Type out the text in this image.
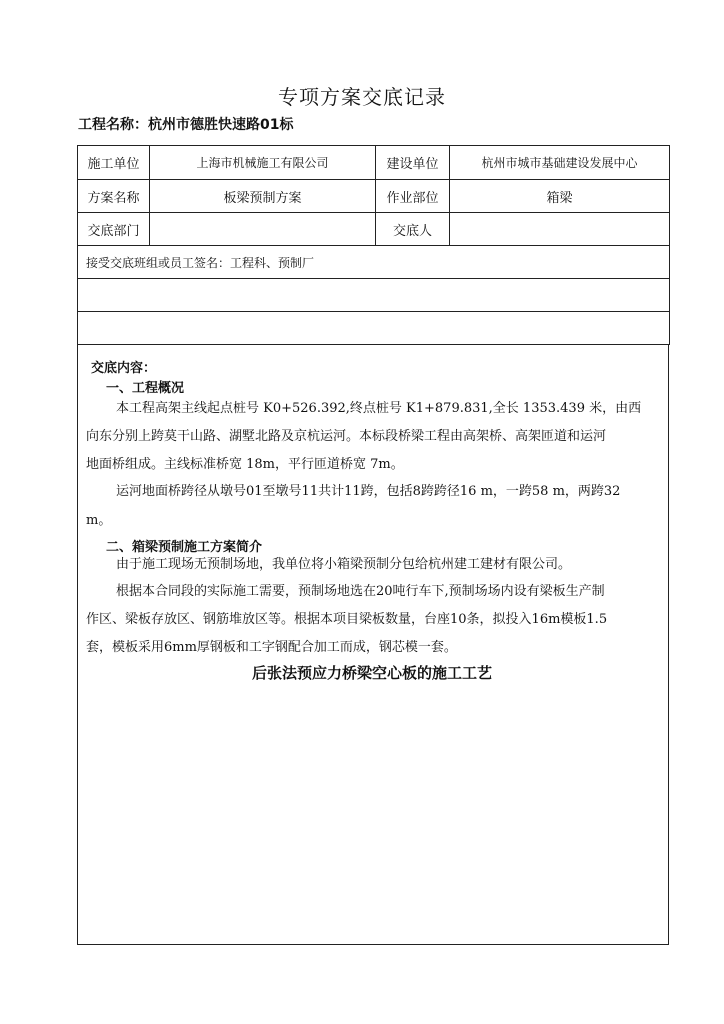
专项方案交底记录
工程名称：杭州市德胜快速路01标
施工单位	上海市机械施工有限公司	建设单位	杭州市城市基础建设发展中心
方案名称	板梁预制方案	作业部位	箱梁
交底部门		交底人	
接受交底班组或员工签名：工程科、预制厂			

交底内容：
一、工程概况
本工程高架主线起点桩号 K0+526.392,终点桩号 K1+879.831,全长 1353.439 米，由西
向东分别上跨莫干山路、湖墅北路及京杭运河。本标段桥梁工程由高架桥、高架匝道和运河
地面桥组成。主线标准桥宽 18m，平行匝道桥宽 7m。
运河地面桥跨径从墩号01至墩号11共计11跨，包括8跨跨径16 m，一跨58 m，两跨32
m。
二、箱梁预制施工方案简介
由于施工现场无预制场地，我单位将小箱梁预制分包给杭州建工建材有限公司。
根据本合同段的实际施工需要，预制场地选在20吨行车下,预制场场内设有梁板生产制
作区、梁板存放区、钢筋堆放区等。根据本项目梁板数量，台座10条，拟投入16m模板1.5
套，模板采用6mm厚钢板和工字钢配合加工而成，钢芯模一套。
后张法预应力桥梁空心板的施工工艺
